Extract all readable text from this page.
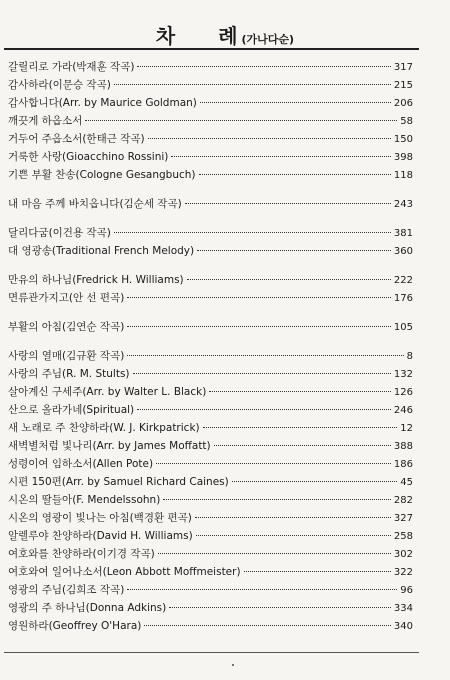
차 례(가나다순)
갈릴리로 가라(박재훈 작곡)	317
감사하라(이문승 작곡)	215
감사합니다(Arr. by Maurice Goldman)	206
깨끗게 하옵소서	58
거두어 주옵소서(한태근 작곡)	150
거룩한 사랑(Gioacchino Rossini)	398
기쁜 부활 찬송(Cologne Gesangbuch)	118
내 마음 주께 바치옵니다(김순세 작곡)	243
달리다굼(이건용 작곡)	381
대 영광송(Traditional French Melody)	360
만유의 하나님(Fredrick H. Williams)	222
면류관가지고(안 선 편곡)	176
부활의 아침(김연순 작곡)	105
사랑의 열매(김규환 작곡)	8
사랑의 주님(R. M. Stults)	132
살아계신 구세주(Arr. by Walter L. Black)	126
산으로 올라가네(Spiritual)	246
새 노래로 주 찬양하라(W. J. Kirkpatrick)	12
새벽별처럼 빛나리(Arr. by James Moffatt)	388
성령이여 임하소서(Allen Pote)	186
시편 150편(Arr. by Samuel Richard Caines)	45
시온의 딸들아(F. Mendelssohn)	282
시온의 영광이 빛나는 아침(백경환 편곡)	327
알렐루야 찬양하라(David H. Williams)	258
여호와를 찬양하라(이기경 작곡)	302
여호와여 일어나소서(Leon Abbott Moffmeister)	322
영광의 주님(김희조 작곡)	96
영광의 주 하나님(Donna Adkins)	334
영원하라(Geoffrey O'Hara)	340
